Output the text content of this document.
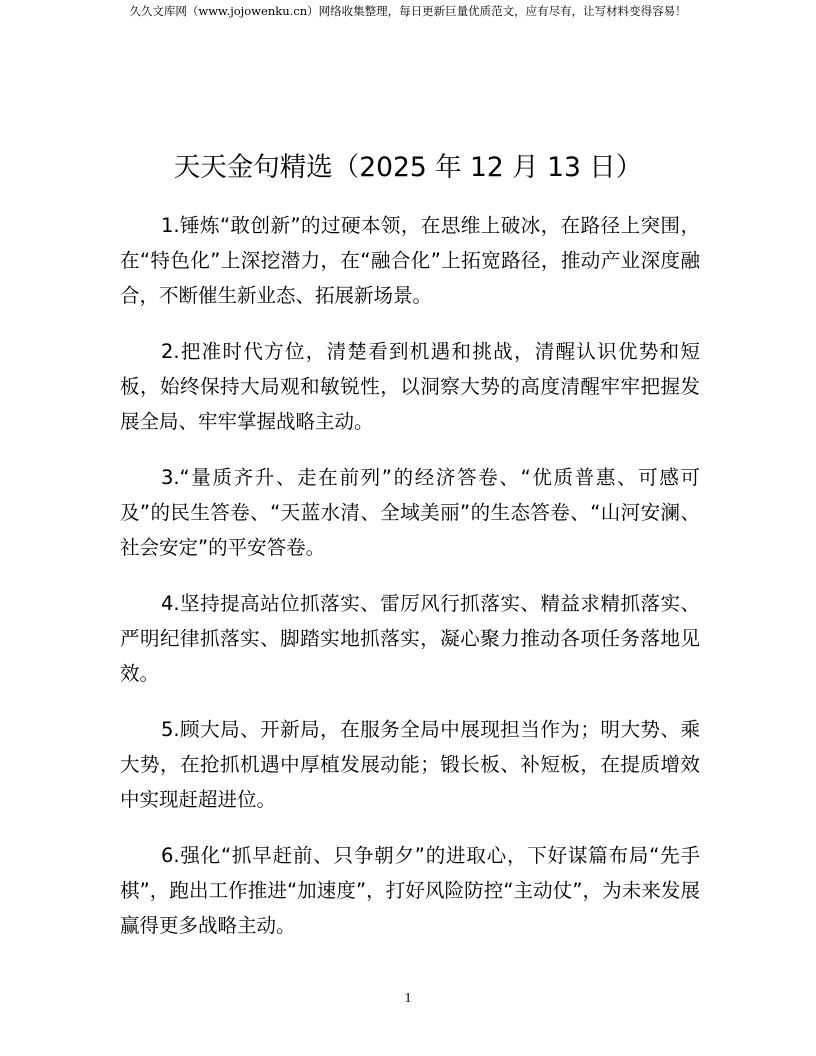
久久文库网（www.jojowenku.cn）网络收集整理，每日更新巨量优质范文，应有尽有，让写材料变得容易！
天天金句精选（2025 年 12 月 13 日）

1.锤炼“敢创新”的过硬本领，在思维上破冰，在路径上突围，在“特色化”上深挖潜力，在“融合化”上拓宽路径，推动产业深度融合，不断催生新业态、拓展新场景。

2.把准时代方位，清楚看到机遇和挑战，清醒认识优势和短板，始终保持大局观和敏锐性，以洞察大势的高度清醒牢牢把握发展全局、牢牢掌握战略主动。

3.“量质齐升、走在前列”的经济答卷、“优质普惠、可感可及”的民生答卷、“天蓝水清、全域美丽”的生态答卷、“山河安澜、社会安定”的平安答卷。

4.坚持提高站位抓落实、雷厉风行抓落实、精益求精抓落实、严明纪律抓落实、脚踏实地抓落实，凝心聚力推动各项任务落地见效。

5.顾大局、开新局，在服务全局中展现担当作为；明大势、乘大势，在抢抓机遇中厚植发展动能；锻长板、补短板，在提质增效中实现赶超进位。

6.强化“抓早赶前、只争朝夕”的进取心，下好谋篇布局“先手棋”，跑出工作推进“加速度”，打好风险防控“主动仗”，为未来发展赢得更多战略主动。

1
